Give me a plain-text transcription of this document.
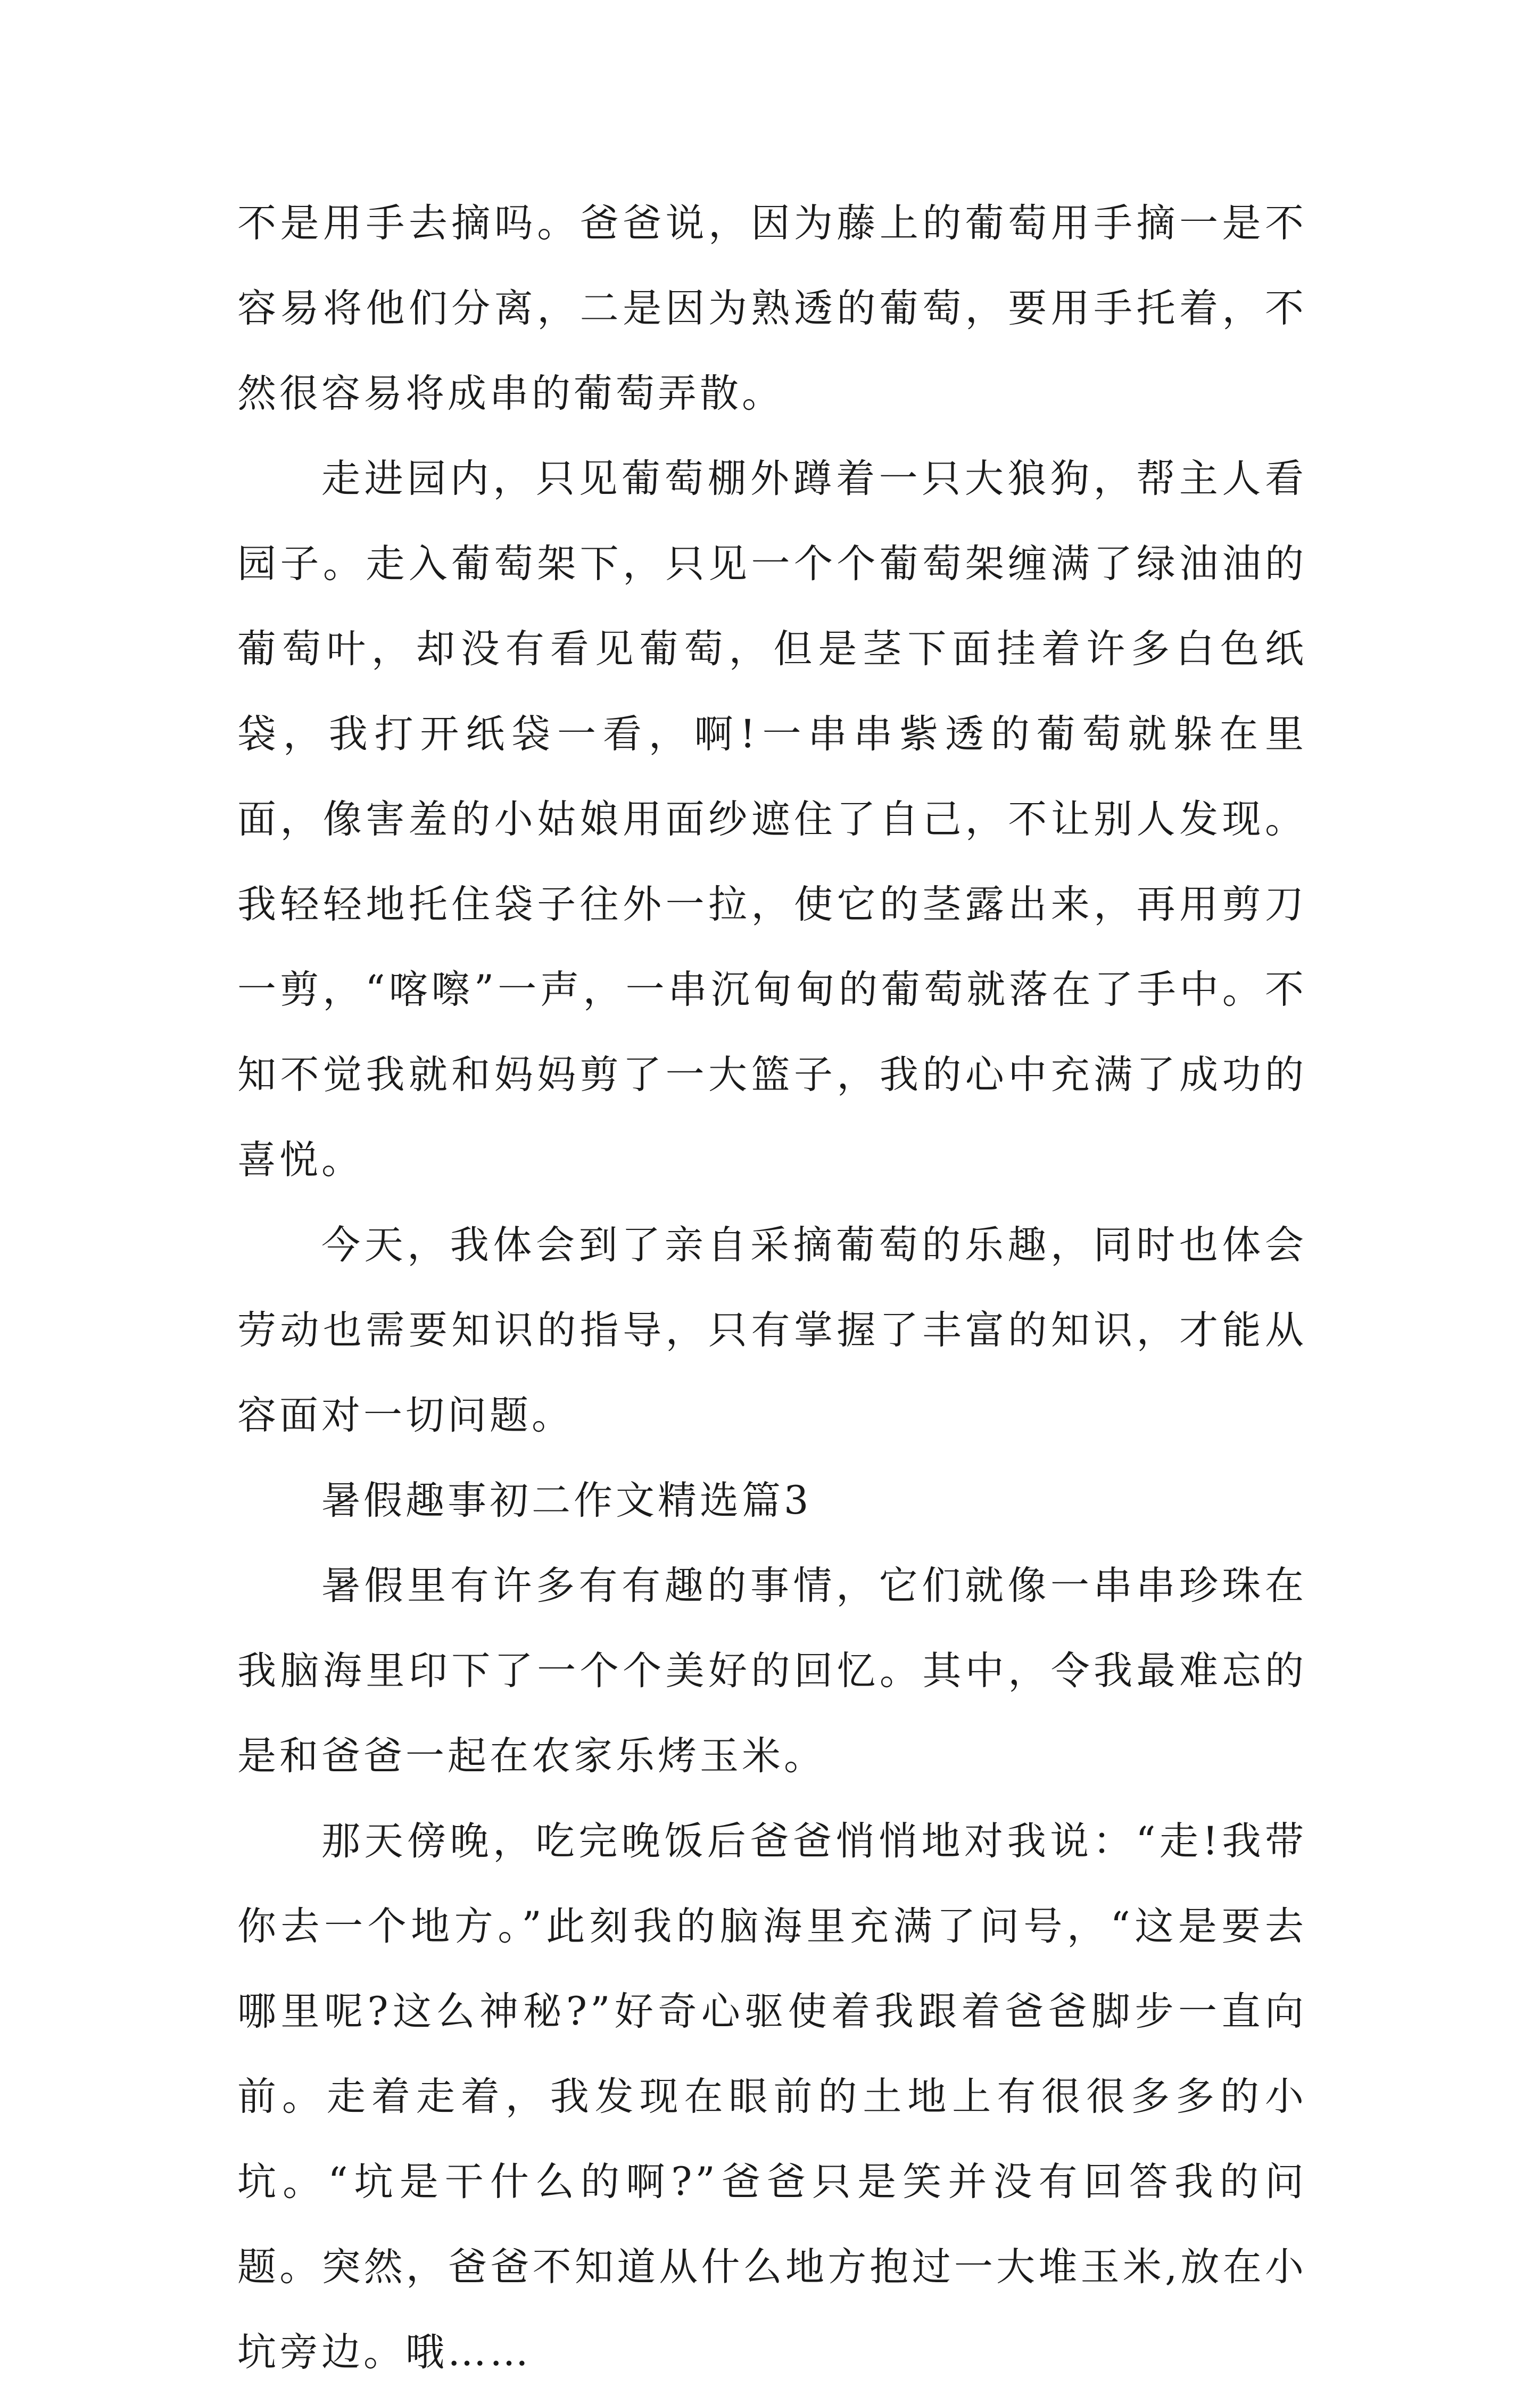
不是用手去摘吗。爸爸说，因为藤上的葡萄用手摘一是不容易将他们分离，二是因为熟透的葡萄，要用手托着，不然很容易将成串的葡萄弄散。

走进园内，只见葡萄棚外蹲着一只大狼狗，帮主人看园子。走入葡萄架下，只见一个个葡萄架缠满了绿油油的葡萄叶，却没有看见葡萄，但是茎下面挂着许多白色纸袋，我打开纸袋一看，啊!一串串紫透的葡萄就躲在里面，像害羞的小姑娘用面纱遮住了自己，不让别人发现。我轻轻地托住袋子往外一拉，使它的茎露出来，再用剪刀一剪，“喀嚓”一声，一串沉甸甸的葡萄就落在了手中。不知不觉我就和妈妈剪了一大篮子，我的心中充满了成功的喜悦。

今天，我体会到了亲自采摘葡萄的乐趣，同时也体会劳动也需要知识的指导，只有掌握了丰富的知识，才能从容面对一切问题。

暑假趣事初二作文精选篇3

暑假里有许多有有趣的事情，它们就像一串串珍珠在我脑海里印下了一个个美好的回忆。其中，令我最难忘的是和爸爸一起在农家乐烤玉米。

那天傍晚，吃完晚饭后爸爸悄悄地对我说：“走!我带你去一个地方。”此刻我的脑海里充满了问号，“这是要去哪里呢?这么神秘?”好奇心驱使着我跟着爸爸脚步一直向前。走着走着，我发现在眼前的土地上有很很多多的小坑。“坑是干什么的啊?”爸爸只是笑并没有回答我的问题。突然，爸爸不知道从什么地方抱过一大堆玉米,放在小坑旁边。哦……
